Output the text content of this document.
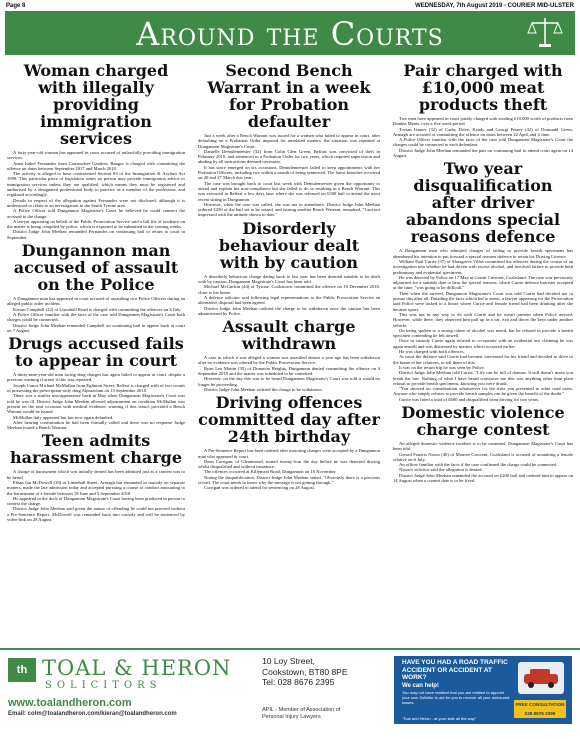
Page 8	WEDNESDAY, 7th August 2019 - COURIER MID-ULSTER
Around the Courts
Woman charged with illegally providing immigration services

A forty-year-old woman has appeared in court accused of unlawfully providing immigration services.

Anna Isabel Fernandes from Carrowdore Gardens, Bangor is charged with committing the offence on dates between September 2017 and March 2018.

The activity is alleged to have contravened Section 84 of the Immigration & Asylum Act 1999. This particular piece of legislation states no person may provide immigration advice or immigration services unless they are qualified, which means they must be registered and authorised by a designated professional body to practice as a member of the profession, and regulated accordingly.

Details in respect of the allegation against Fernandes were not disclosed, although it is understood to relate to an investigation in the South Tyrone area.

A Police Officer told Dungannon Magistrate's Court he believed he could connect the accused to the charge.

A lawyer appearing on behalf of the Public Prosecution Service said a full file of evidence on the matter is being compiled by police, which is expected to be submitted in the coming weeks.

District Judge John Meehan remanded Fernandes on continuing bail to return to court in September.

Dungannon man accused of assault on the Police

A Dungannon man has appeared in court accused of assaulting two Police Officers during an alleged public order incident.

Kieran Campbell (22) of Lisnahull Road is charged with committing the offences on 4 July.

A Police Officer familiar with the facts of the case told Dungannon Magistrate's Court both charges could be connected.

District Judge John Meehan remanded Campbell on continuing bail to appear back at court on 7 August.

Drugs accused fails to appear in court

A thirty-nine-year-old man facing drug charges has again failed to appear at court, despite a previous warning if arrest if this was repeated.

Joseph Conor Michael McMullan from Eglinton Street, Belfast is charged with of two counts of possessing the prescription-only drug Alprazolam on 13 September 2018.

There was a similar non-appearance back in May when Dungannon Magistrate's Court was told he was ill. District Judge John Meehan allowed adjournment on condition McMullan was present on the next occasion with medical evidence, warning if this wasn't provided a Bench Warrant would be issued.

McMullan duly appeared but has now again defaulted.

After hearing confirmation he had been formally called and there was no response Judge Meehan issued a Bench Warrant.

Teen admits harassment charge

A charge of harassment which was initially denied has been admitted just as a contest was to be heard.

Ethan Ian McDowell (18) of Linenhall Street, Armagh but remanded in custody on separate matters, made the late admission today and accepted pursuing a course of conduct amounting to the harassment of a female between 19 June and 3 September 2018.

He appeared in the dock of Dungannon Magistrate's Court having been produced in person to contest the charge.

District Judge John Meehan said given the nature of offending he could not proceed without a Pre-Sentence Report. McDowell was remanded back into custody and will be sentenced by video-link on 28 August.

Second Bench Warrant in a week for Probation defaulter

Just a week after a Bench Warrant was issued for a woman who failed to appear in court, after defaulting on a Probation Order imposed for unrelated matters, the situation was repeated at Dungannon Magistrate's Court.

Danielle Demulemeester (32) from Colin Glen Green, Belfast was convicted of theft in February 2018, and sentenced to a Probation Order for two years, which required supervision and abiding by all instructions deemed necessary.

It has since emerged on six occasions, Demulemeester failed to keep appointments with her Probation Officers, including two within a month of being sentenced. The latest breaches occurred on 20 and 27 March this year.

The case was brought back to court last week with Demulemeester given the opportunity to attend and explain her non-compliance but she failed to do so resulting in a Bench Warrant. This was executed in Belfast a few days later where she was released on £500 bail to attend the most recent sitting in Dungannon.

However, when the case was called, she was not in attendance. District Judge John Meehan ordered £250 of the bail set to be seized, and issuing another Bench Warrant, remarked, "I am not impressed with the attitude shown to date."

Disorderly behaviour dealt with by caution

A disorderly behaviour charge dating back to last year has been deemed suitable to be dealt with by caution, Dungannon Magistrate's Court has been told.

Michael McGuckin (44) of Tyrone, Cookstown committed the offence on 16 December 2018, close to his home.

A defence solicitor said following legal representations to the Public Prosecution Service an alternative disposal had been agreed.

District Judge John Meehan ordered the charge to be withdrawn once the caution has been administered by Police.

Assault charge withdrawn

A case in which it was alleged a woman was assaulted almost a year ago has been withdrawn after no evidence was offered by the Public Prosecution Service.

Ryan Lee Martin (35) of Dunavon Heights, Dungannon denied committing the offence on 4 September 2018 and the matter was scheduled to be contested.

However, on the day this was to be heard Dungannon Magistrate's Court was told it would no longer be proceeding.

District Judge John Meehan ordered the charge to be withdrawn.

Driving offences committed day after 24th birthday

A Pre-Sentence Report has been ordered after motoring charges were accepted by a Dungannon man who appeared in court.

Dean Corrigan, of Gleanmoud, turned twenty-four the day before he was detected driving whilst disqualified and without insurance.

The offences occurred at Killymeal Road, Dungannon on 16 November.

Noting the disqualification, District Judge John Meehan stated, "Obviously there is a previous record. The court needs to know why the message is not getting through."

Corrigan was ordered to attend for sentencing on 28 August.

Pair charged with £10,000 meat products theft

Two men have appeared in court jointly charged with stealing £10,000 worth of products from Dunbia Meats, over a five week period.

Tovtan Ivanov (32) of Carby Drive, Keady and Georgi Petaev (42) of Drumadd Green, Armagh are accused of committing the offence on dates between 22 April and 4 June.

A Police Officer familiar with the facts of the case told Dungannon Magistrate's Court the charges could be connected to each defendant.

District Judge John Meehan remanded the pair on continuing bail to attend court again on 14 August.

Two year disqualification after driver abandons special reasons defence

A Dungannon man who admitted charges of failing to provide breath specimens has abandoned his intention to put forward a special reasons defence to retain his Driving Licence.

William Paul Currie (37) of Slatagrove Villas committed the offences during the course of an investigation into whether he had driven with excess alcohol, and involved failure to provide both preliminary and evidential specimens.

He was detected by Police on 17 May at Gortin Crescent, Coalisland. The case was previously adjourned for a suitable date to hear the special reasons, which Currie defence barrister accepted at the time, "was going to be difficult."

Then when the arrived, Dungannon Magistrate's Court was told Currie had decided not to pursue this after all. Detailing the facts which led to arrest, a lawyer appearing for the Prosecution said Police were tasked to a house where Currie and female friend had been drinking after she became upset.

This was not in any way to do with Currie and he wasn't present when Police arrived. However, while there, they observed him pull up in a car, exit and throw the keys under another vehicle.

On being spoken to a strong odour of alcohol was noted, but he refused to provide a breath specimen contending he felt unwell.

Once in custody Currie again refused to co-operate with an evidential test claiming he was again unwell and was distressed by matters which occurred earlier.

He was charged with both offences.

At court the defence said Currie had become concerned for his friend and decided to drive to the home of her relatives, to tell them of this.

It was on the return trip he was seen by Police.

District Judge John Meehan told Currie, "Life can be full of dramas. It still doesn't mean you break the law. Nothing of what I have heard convinces me this was anything other than plain refusal to provide breath specimens, knowing you were drunk.

"You showed no consideration whatsoever for the risks you presented to other road users. Anyone who simply refuses to provide breath samples can be given the benefit of the doubt."

Currie was fined a total of £600 and disqualified from driving for two years.

Domestic violence charge contest

An alleged domestic violence incident is to be contested, Dungannon Magistrate's Court has been told.

Gerard Francis Nixon (40) of Monree Crescent, Coalisland is accused of assaulting a female relative on 6 July.

An officer familiar with the facts if the case confirmed the charge could be connected.

Nixon's solicitor said the allegation is denied.

District Judge John Meehan remanded the accused on £200 bail and ordered him to appear on 14 August when a contest date is to be fixed.

th TOAL & HERON
SOLICITORS
www.toalandheron.com
Email: colm@toalandheron.com/kieran@toalandheron.com
10 Loy Street,
Cookstown, BT80 8PE
Tel: 028 8676 2395
APIL - Member of Association of
Personal Injury Lawyers
HAVE YOU HAD A ROAD TRAFFIC ACCIDENT OR ACCIDENT AT WORK?
We can help!
You may not have realised that you are entitled to appoint your own Solicitor to act for you to recover all your uninsured losses.
"Toal and Heron - at your side all the way"
FREE CONSULTATION 028 8676 2395
